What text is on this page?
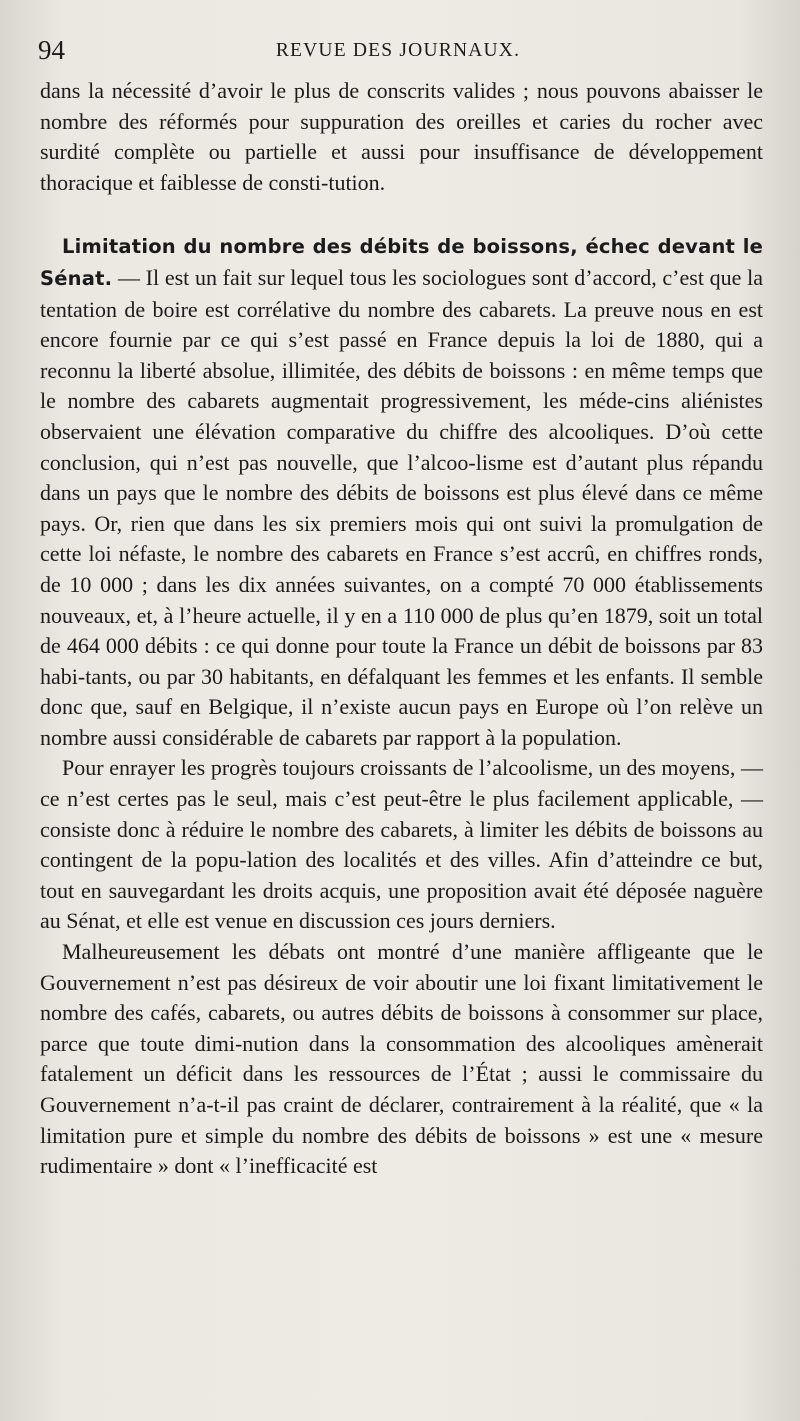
94	REVUE DES JOURNAUX.

dans la nécessité d’avoir le plus de conscrits valides ; nous pouvons abaisser le nombre des réformés pour suppuration des oreilles et caries du rocher avec surdité complète ou partielle et aussi pour insuffisance de développement thoracique et faiblesse de consti-tution.

Limitation du nombre des débits de boissons, échec devant le Sénat. — Il est un fait sur lequel tous les sociologues sont d’accord, c’est que la tentation de boire est corrélative du nombre des cabarets. La preuve nous en est encore fournie par ce qui s’est passé en France depuis la loi de 1880, qui a reconnu la liberté absolue, illimitée, des débits de boissons : en même temps que le nombre des cabarets augmentait progressivement, les méde-cins aliénistes observaient une élévation comparative du chiffre des alcooliques. D’où cette conclusion, qui n’est pas nouvelle, que l’alcoo-lisme est d’autant plus répandu dans un pays que le nombre des débits de boissons est plus élevé dans ce même pays. Or, rien que dans les six premiers mois qui ont suivi la promulgation de cette loi néfaste, le nombre des cabarets en France s’est accrû, en chiffres ronds, de 10 000 ; dans les dix années suivantes, on a compté 70 000 établissements nouveaux, et, à l’heure actuelle, il y en a 110 000 de plus qu’en 1879, soit un total de 464 000 débits : ce qui donne pour toute la France un débit de boissons par 83 habi-tants, ou par 30 habitants, en défalquant les femmes et les enfants. Il semble donc que, sauf en Belgique, il n’existe aucun pays en Europe où l’on relève un nombre aussi considérable de cabarets par rapport à la population.

Pour enrayer les progrès toujours croissants de l’alcoolisme, un des moyens, — ce n’est certes pas le seul, mais c’est peut-être le plus facilement applicable, — consiste donc à réduire le nombre des cabarets, à limiter les débits de boissons au contingent de la popu-lation des localités et des villes. Afin d’atteindre ce but, tout en sauvegardant les droits acquis, une proposition avait été déposée naguère au Sénat, et elle est venue en discussion ces jours derniers.

Malheureusement les débats ont montré d’une manière affligeante que le Gouvernement n’est pas désireux de voir aboutir une loi fixant limitativement le nombre des cafés, cabarets, ou autres débits de boissons à consommer sur place, parce que toute dimi-nution dans la consommation des alcooliques amènerait fatalement un déficit dans les ressources de l’État ; aussi le commissaire du Gouvernement n’a-t-il pas craint de déclarer, contrairement à la réalité, que « la limitation pure et simple du nombre des débits de boissons » est une « mesure rudimentaire » dont « l’inefficacité est
